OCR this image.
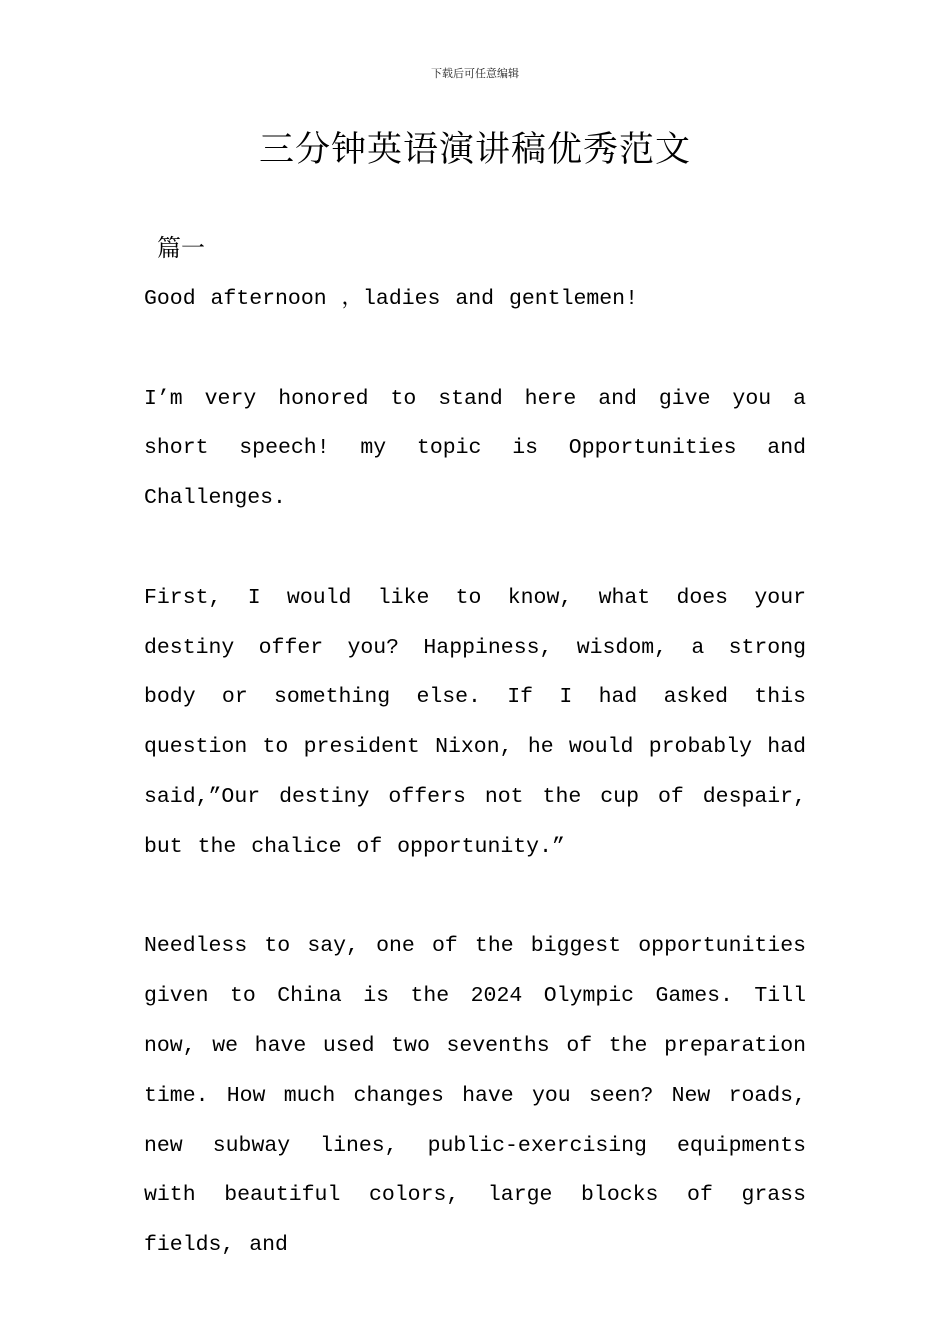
下载后可任意编辑
三分钟英语演讲稿优秀范文
篇一

Good afternoon ，ladies and gentlemen!

I’m very honored to stand here and give you a short speech! my topic is Opportunities and Challenges.

First, I would like to know, what does your destiny offer you? Happiness, wisdom, a strong body or something else. If I had asked this question to president Nixon, he would probably had said,”Our destiny offers not the cup of despair, but the chalice of opportunity.”

Needless to say, one of the biggest opportunities given to China is the 2024 Olympic Games. Till now, we have used two sevenths of the preparation time. How much changes have you seen? New roads, new subway lines, public-exercising equipments with beautiful colors, large blocks of grass fields, and
